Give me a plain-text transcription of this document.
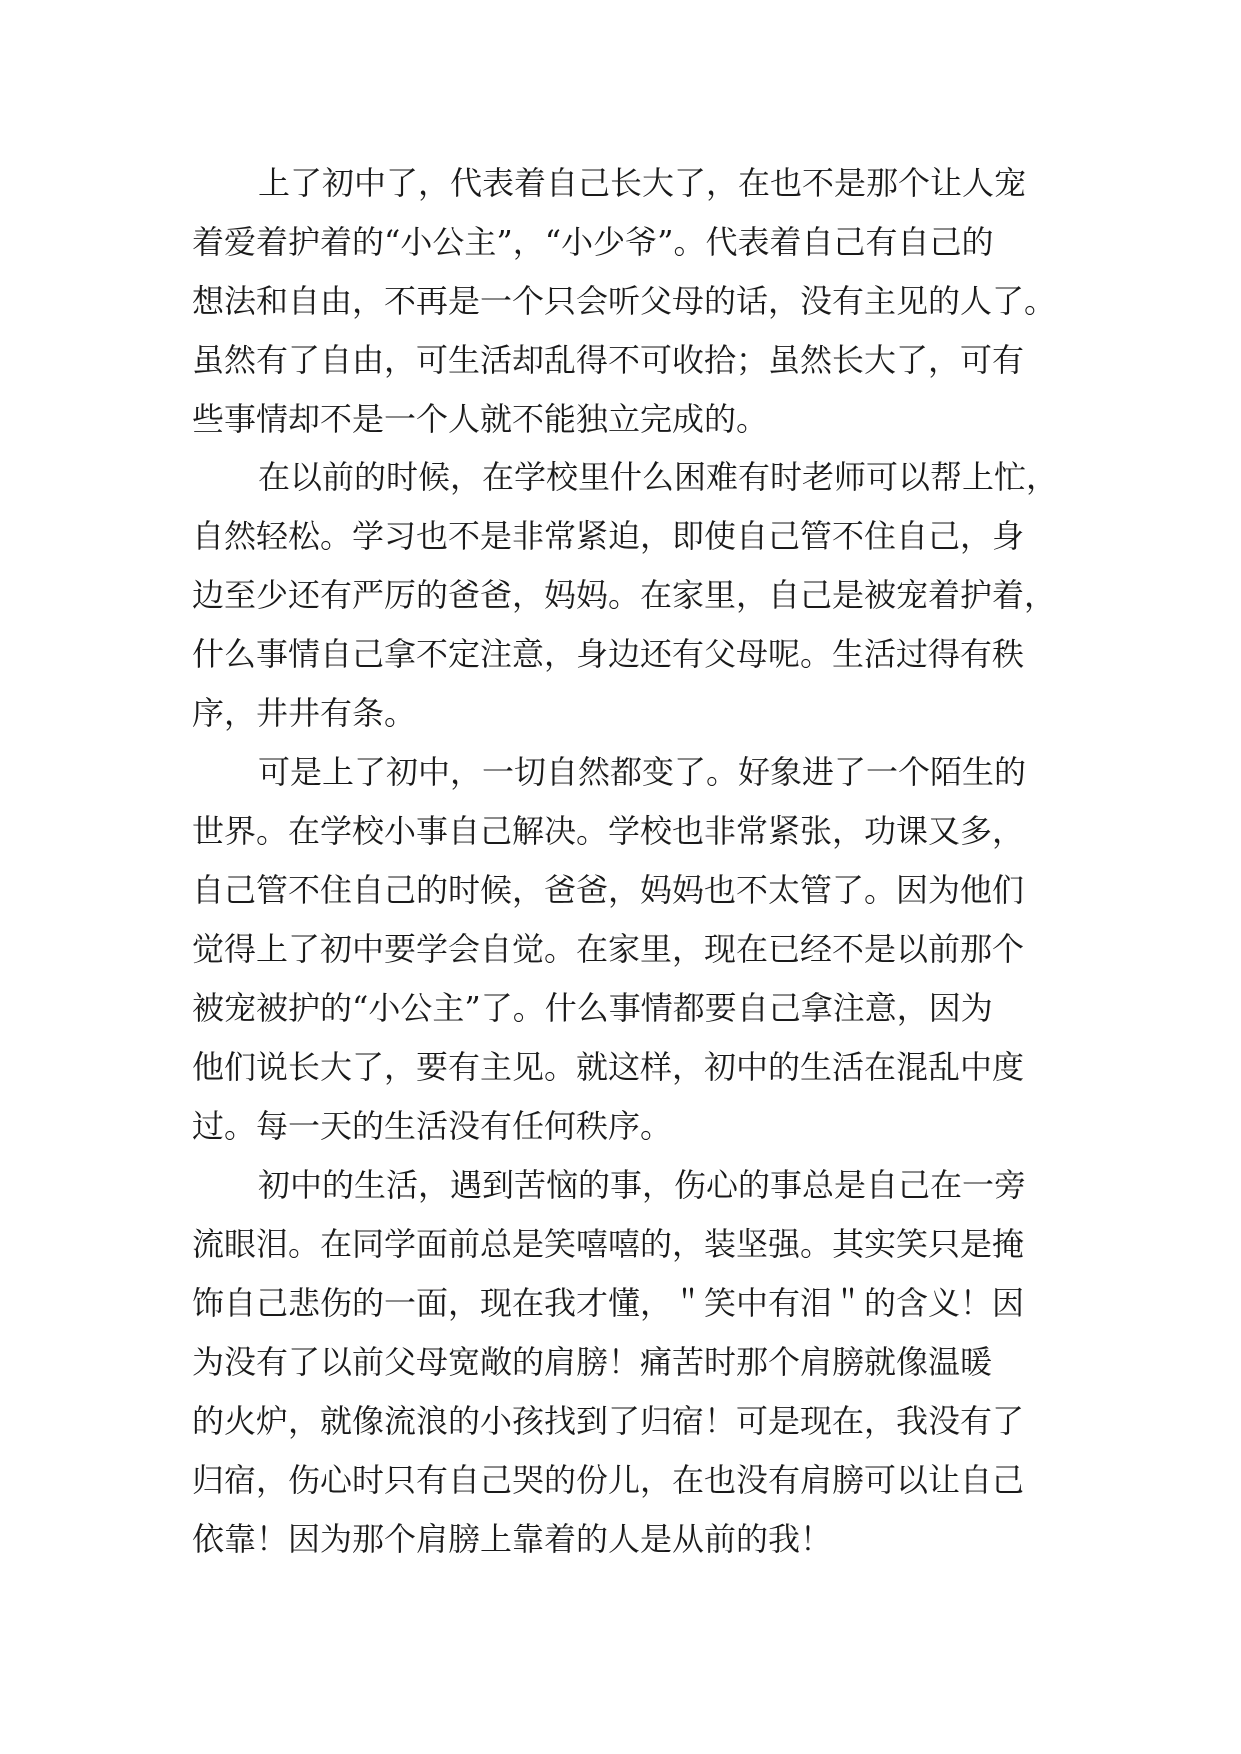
上了初中了，代表着自己长大了，在也不是那个让人宠

着爱着护着的“小公主”，“小少爷”。代表着自己有自己的

想法和自由，不再是一个只会听父母的话，没有主见的人了。

虽然有了自由，可生活却乱得不可收拾；虽然长大了，可有

些事情却不是一个人就不能独立完成的。

在以前的时候，在学校里什么困难有时老师可以帮上忙，

自然轻松。学习也不是非常紧迫，即使自己管不住自己，身

边至少还有严厉的爸爸，妈妈。在家里，自己是被宠着护着，

什么事情自己拿不定注意，身边还有父母呢。生活过得有秩

序，井井有条。

可是上了初中，一切自然都变了。好象进了一个陌生的

世界。在学校小事自己解决。学校也非常紧张，功课又多，

自己管不住自己的时候，爸爸，妈妈也不太管了。因为他们

觉得上了初中要学会自觉。在家里，现在已经不是以前那个

被宠被护的“小公主”了。什么事情都要自己拿注意，因为

他们说长大了，要有主见。就这样，初中的生活在混乱中度

过。每一天的生活没有任何秩序。

初中的生活，遇到苦恼的事，伤心的事总是自己在一旁

流眼泪。在同学面前总是笑嘻嘻的，装坚强。其实笑只是掩

饰自己悲伤的一面，现在我才懂，＂笑中有泪＂的含义！因

为没有了以前父母宽敞的肩膀！痛苦时那个肩膀就像温暖

的火炉，就像流浪的小孩找到了归宿！可是现在，我没有了

归宿，伤心时只有自己哭的份儿，在也没有肩膀可以让自己

依靠！因为那个肩膀上靠着的人是从前的我！
